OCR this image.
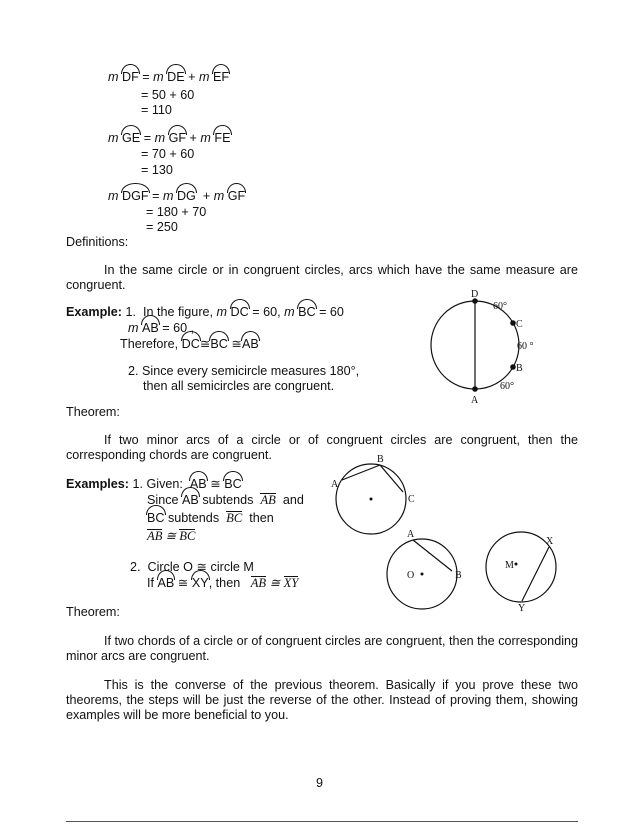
m DF = m DE + m EF
= 50 + 60
= 110
m GE = m GF + m FE
= 70 + 60
= 130
m DGF = m DG  + m GF
= 180 + 70
= 250
Definitions:
In the same circle or in congruent circles, arcs which have the same measure are congruent.
Example: 1.  In the figure, m DC = 60, m BC = 60
m AB = 60 ,
Therefore, DC≅BC ≅AB
2. Since every semicircle measures 180°,
then all semicircles are congruent.
D
C
B
A
60°
60 °
60°
Theorem:
If two minor arcs of a circle or of congruent circles are congruent, then the corresponding chords are congruent.
Examples: 1. Given:  AB ≅ BC
Since AB subtends  AB  and
BC subtends  BC  then
AB ≅ BC
2.  Circle O ≅ circle M
If AB ≅ XY, then   AB ≅ XY
B
A
C
A
O	B
X
M
Y
Theorem:
If two chords of a circle or of congruent circles are congruent, then the corresponding minor arcs are congruent.
This is the converse of the previous theorem. Basically if you prove these two theorems, the steps will be just the reverse of the other. Instead of proving them, showing examples will be more beneficial to you.
9
